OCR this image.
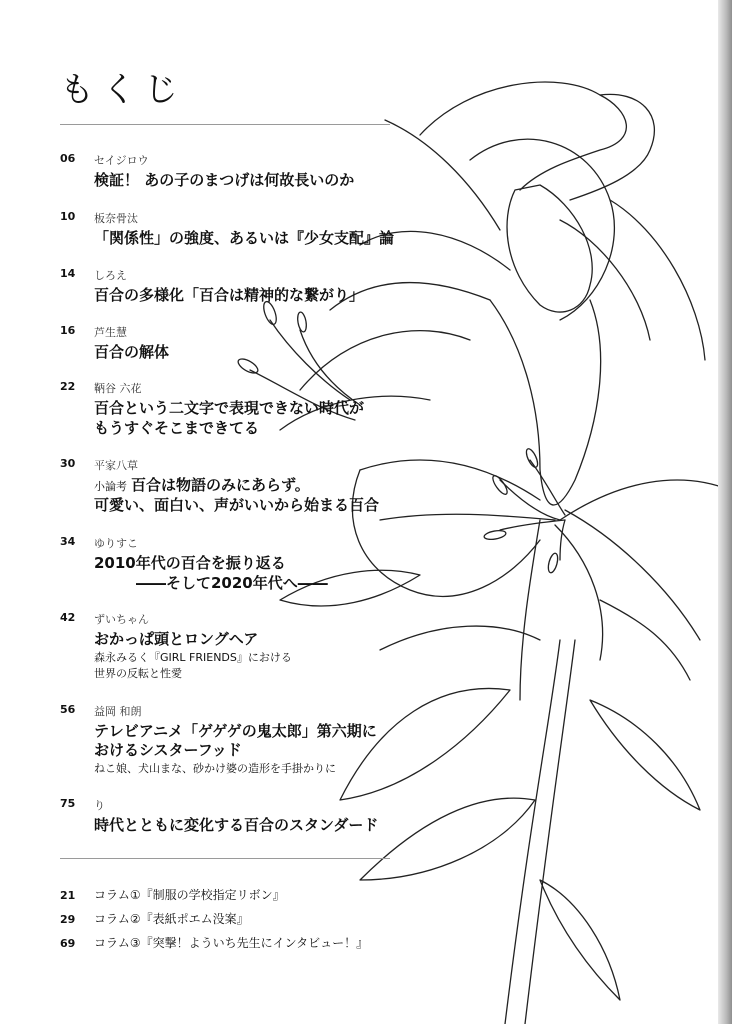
もくじ
06 セイジロウ
検証！ あの子のまつげは何故長いのか
10 板奈骨汰
「関係性」の強度、あるいは『少女支配』論
14 しろえ
百合の多様化「百合は精神的な繋がり」
16 芦生慧
百合の解体
22 鞆谷 六花
百合という二文字で表現できない時代が
もうすぐそこまできてる
30 平家八草
小論考 百合は物語のみにあらず。
可愛い、面白い、声がいいから始まる百合
34 ゆりすこ
2010年代の百合を振り返る
――そして2020年代へ――
42 ずいちゃん
おかっぱ頭とロングヘア
森永みるく『GIRL FRIENDS』における
世界の反転と性愛
56 益岡 和朗
テレビアニメ「ゲゲゲの鬼太郎」第六期に
おけるシスターフッド
ねこ娘、犬山まな、砂かけ婆の造形を手掛かりに
75 り
時代とともに変化する百合のスタンダード
21 コラム①『制服の学校指定リボン』
29 コラム②『表紙ポエム没案』
69 コラム③『突撃！よういち先生にインタビュー！』
